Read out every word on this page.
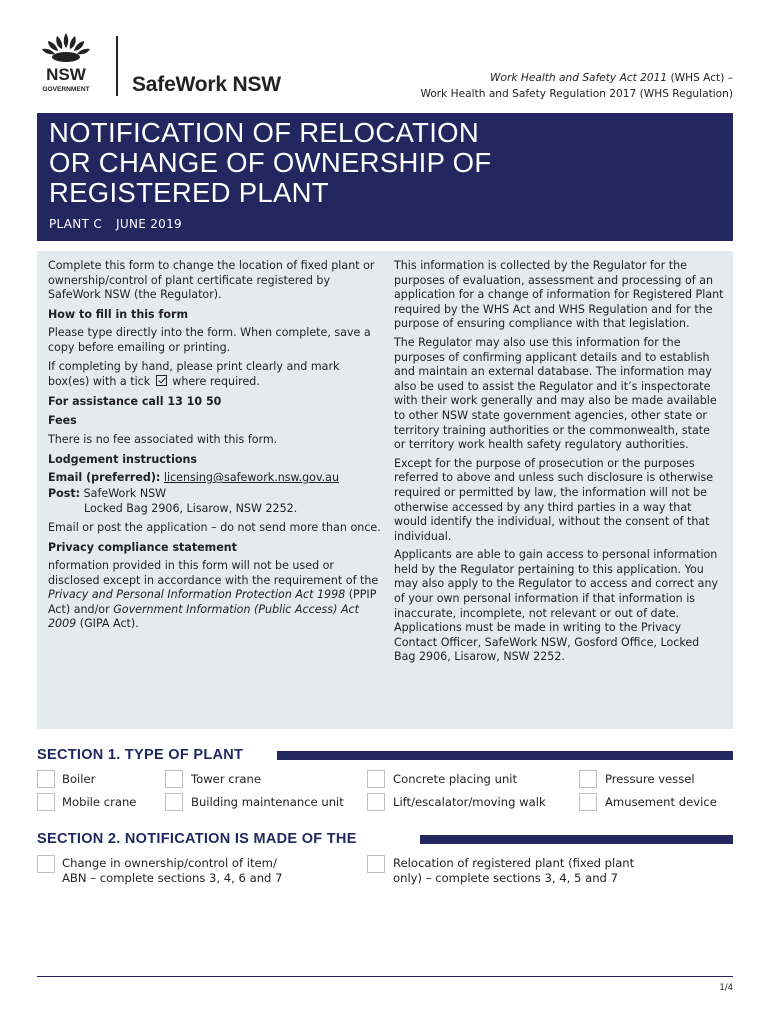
NSW
GOVERNMENT SafeWork NSW	Work Health and Safety Act 2011 (WHS Act) –
Work Health and Safety Regulation 2017 (WHS Regulation)
NOTIFICATION OF RELOCATION
OR CHANGE OF OWNERSHIP OF
REGISTERED PLANT
PLANT C JUNE 2019

Complete this form to change the location of fixed plant or ownership/control of plant certificate registered by SafeWork NSW (the Regulator).

How to fill in this form

Please type directly into the form. When complete, save a copy before emailing or printing.

If completing by hand, please print clearly and mark box(es) with a tick where required.

For assistance call 13 10 50

Fees

There is no fee associated with this form.

Lodgement instructions

Email (preferred): licensing@safework.nsw.gov.au

Post: SafeWork NSW

Locked Bag 2906, Lisarow, NSW 2252.

Email or post the application – do not send more than once.

Privacy compliance statement

nformation provided in this form will not be used or disclosed except in accordance with the requirement of the Privacy and Personal Information Protection Act 1998 (PPIP Act) and/or Government Information (Public Access) Act 2009 (GIPA Act).

This information is collected by the Regulator for the purposes of evaluation, assessment and processing of an application for a change of information for Registered Plant required by the WHS Act and WHS Regulation and for the purpose of ensuring compliance with that legislation.

The Regulator may also use this information for the purposes of confirming applicant details and to establish and maintain an external database. The information may also be used to assist the Regulator and it’s inspectorate with their work generally and may also be made available to other NSW state government agencies, other state or territory training authorities or the commonwealth, state or territory work health safety regulatory authorities.

Except for the purpose of prosecution or the purposes referred to above and unless such disclosure is otherwise required or permitted by law, the information will not be otherwise accessed by any third parties in a way that would identify the individual, without the consent of that individual.

Applicants are able to gain access to personal information held by the Regulator pertaining to this application. You may also apply to the Regulator to access and correct any of your own personal information if that information is inaccurate, incomplete, not relevant or out of date. Applications must be made in writing to the Privacy Contact Officer, SafeWork NSW, Gosford Office, Locked Bag 2906, Lisarow, NSW 2252.

SECTION 1. TYPE OF PLANT
Boiler	Tower crane	Concrete placing unit	Pressure vessel
Mobile crane	Building maintenance unit	Lift/escalator/moving walk	Amusement device
SECTION 2. NOTIFICATION IS MADE OF THE
Change in ownership/control of item/
ABN – complete sections 3, 4, 6 and 7
Relocation of registered plant (fixed plant
only) – complete sections 3, 4, 5 and 7
1/4
